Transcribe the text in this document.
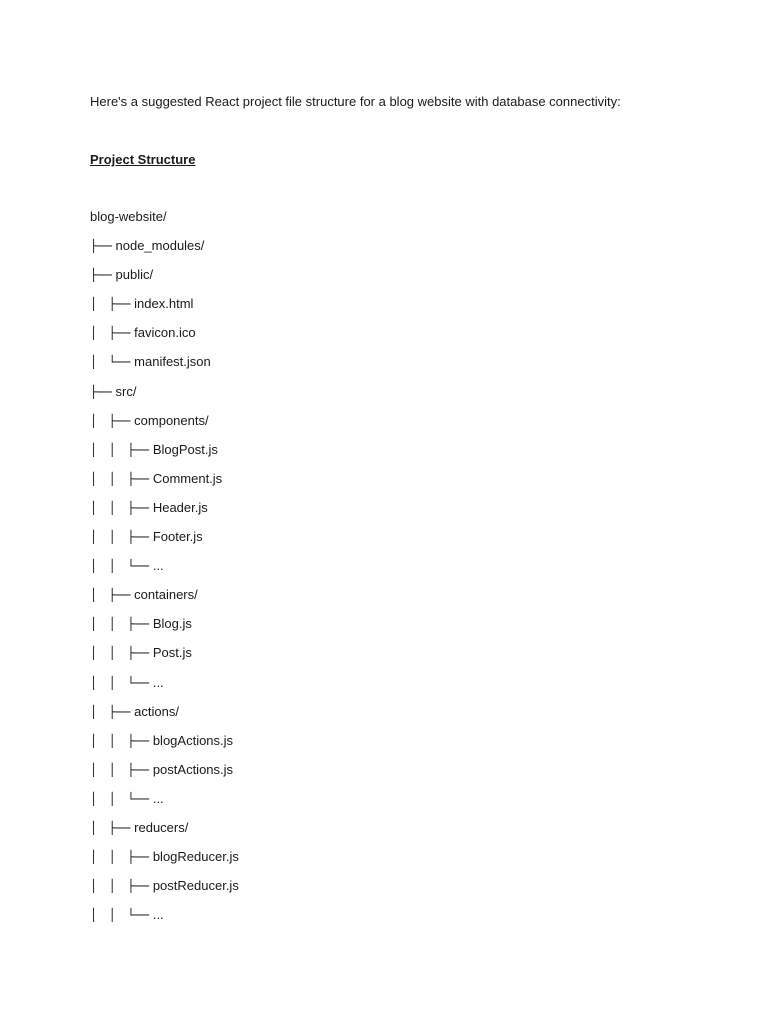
Here's a suggested React project file structure for a blog website with database connectivity:
Project Structure
blog-website/
├── node_modules/
├── public/
│   ├── index.html
│   ├── favicon.ico
│   └── manifest.json
├── src/
│   ├── components/
│   │   ├── BlogPost.js
│   │   ├── Comment.js
│   │   ├── Header.js
│   │   ├── Footer.js
│   │   └── ...
│   ├── containers/
│   │   ├── Blog.js
│   │   ├── Post.js
│   │   └── ...
│   ├── actions/
│   │   ├── blogActions.js
│   │   ├── postActions.js
│   │   └── ...
│   ├── reducers/
│   │   ├── blogReducer.js
│   │   ├── postReducer.js
│   │   └── ...
